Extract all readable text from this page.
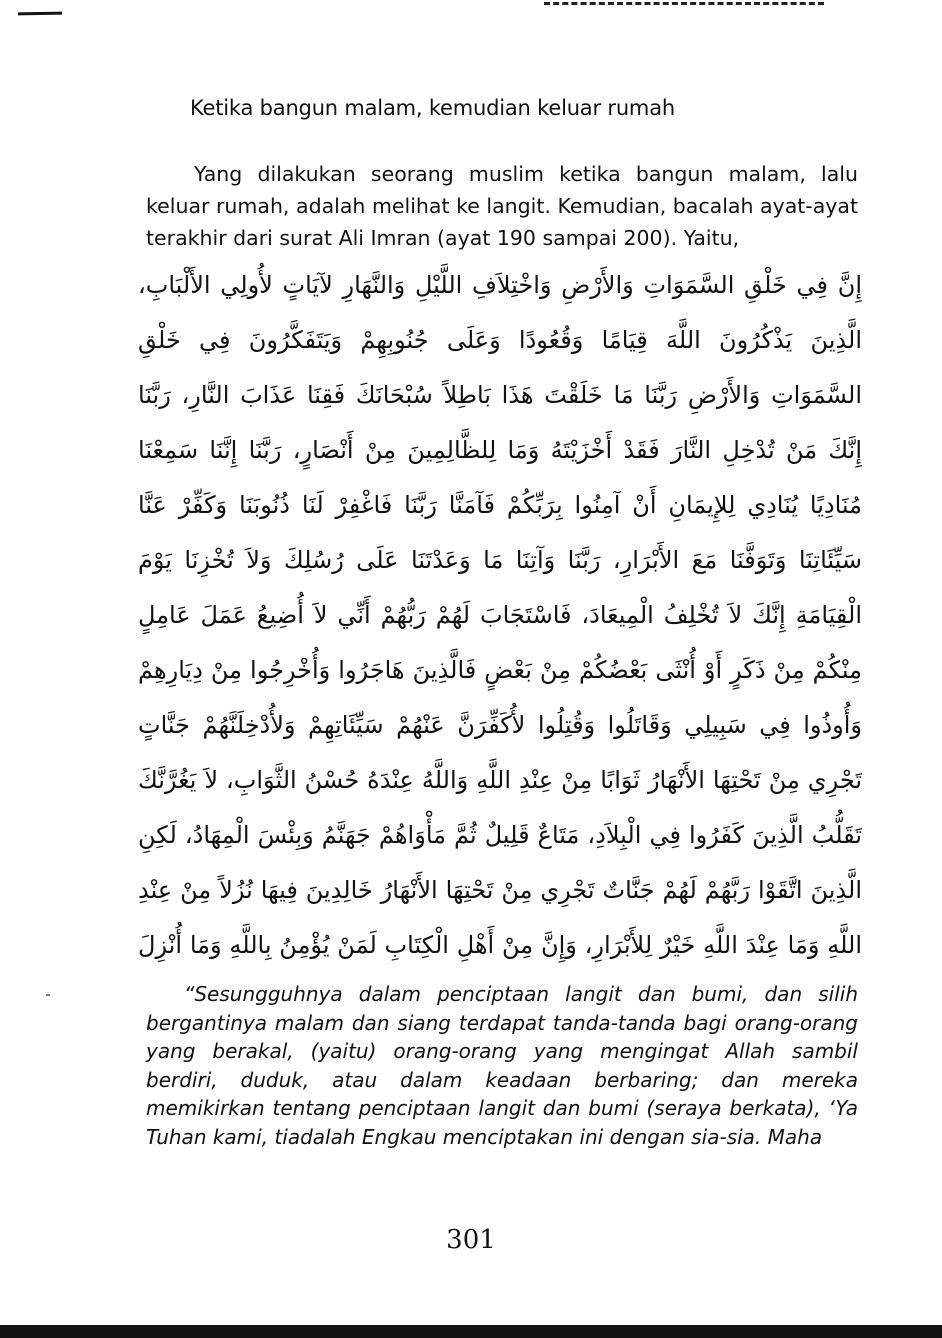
Ketika bangun malam, kemudian keluar rumah

Yang dilakukan seorang muslim ketika bangun malam, lalu keluar rumah, adalah melihat ke langit. Kemudian, bacalah ayat-ayat terakhir dari surat Ali Imran (ayat 190 sampai 200). Yaitu,

إِنَّ فِي خَلْقِ السَّمَوَاتِ وَالأَرْضِ وَاخْتِلاَفِ اللَّيْلِ وَالنَّهَارِ لآيَاتٍ لأُولِي الأَلْبَابِ، الَّذِينَ يَذْكُرُونَ اللَّهَ قِيَامًا وَقُعُودًا وَعَلَى جُنُوبِهِمْ وَيَتَفَكَّرُونَ فِي خَلْقِ السَّمَوَاتِ وَالأَرْضِ رَبَّنَا مَا خَلَقْتَ هَذَا بَاطِلاً سُبْحَانَكَ فَقِنَا عَذَابَ النَّارِ، رَبَّنَا إِنَّكَ مَنْ تُدْخِلِ النَّارَ فَقَدْ أَخْزَيْتَهُ وَمَا لِلظَّالِمِينَ مِنْ أَنْصَارٍ، رَبَّنَا إِنَّنَا سَمِعْنَا مُنَادِيًا يُنَادِي لِلإِيمَانِ أَنْ آمِنُوا بِرَبِّكُمْ فَآمَنَّا رَبَّنَا فَاغْفِرْ لَنَا ذُنُوبَنَا وَكَفِّرْ عَنَّا سَيِّئَاتِنَا وَتَوَفَّنَا مَعَ الأَبْرَارِ، رَبَّنَا وَآتِنَا مَا وَعَدْتَنَا عَلَى رُسُلِكَ وَلاَ تُخْزِنَا يَوْمَ الْقِيَامَةِ إِنَّكَ لاَ تُخْلِفُ الْمِيعَادَ، فَاسْتَجَابَ لَهُمْ رَبُّهُمْ أَنِّي لاَ أُضِيعُ عَمَلَ عَامِلٍ مِنْكُمْ مِنْ ذَكَرٍ أَوْ أُنْثَى بَعْضُكُمْ مِنْ بَعْضٍ فَالَّذِينَ هَاجَرُوا وَأُخْرِجُوا مِنْ دِيَارِهِمْ وَأُوذُوا فِي سَبِيلِي وَقَاتَلُوا وَقُتِلُوا لأُكَفِّرَنَّ عَنْهُمْ سَيِّئَاتِهِمْ وَلأُدْخِلَنَّهُمْ جَنَّاتٍ تَجْرِي مِنْ تَحْتِهَا الأَنْهَارُ ثَوَابًا مِنْ عِنْدِ اللَّهِ وَاللَّهُ عِنْدَهُ حُسْنُ الثَّوَابِ، لاَ يَغُرَّنَّكَ تَقَلُّبُ الَّذِينَ كَفَرُوا فِي الْبِلاَدِ، مَتَاعٌ قَلِيلٌ ثُمَّ مَأْوَاهُمْ جَهَنَّمُ وَبِئْسَ الْمِهَادُ، لَكِنِ الَّذِينَ اتَّقَوْا رَبَّهُمْ لَهُمْ جَنَّاتٌ تَجْرِي مِنْ تَحْتِهَا الأَنْهَارُ خَالِدِينَ فِيهَا نُزُلاً مِنْ عِنْدِ اللَّهِ وَمَا عِنْدَ اللَّهِ خَيْرٌ لِلأَبْرَارِ، وَإِنَّ مِنْ أَهْلِ الْكِتَابِ لَمَنْ يُؤْمِنُ بِاللَّهِ وَمَا أُنْزِلَ

“Sesungguhnya dalam penciptaan langit dan bumi, dan silih bergantinya malam dan siang terdapat tanda-tanda bagi orang-orang yang berakal, (yaitu) orang-orang yang mengingat Allah sambil berdiri, duduk, atau dalam keadaan berbaring; dan mereka memikirkan tentang penciptaan langit dan bumi (seraya berkata), ‘Ya Tuhan kami, tiadalah Engkau menciptakan ini dengan sia-sia. Maha

301
